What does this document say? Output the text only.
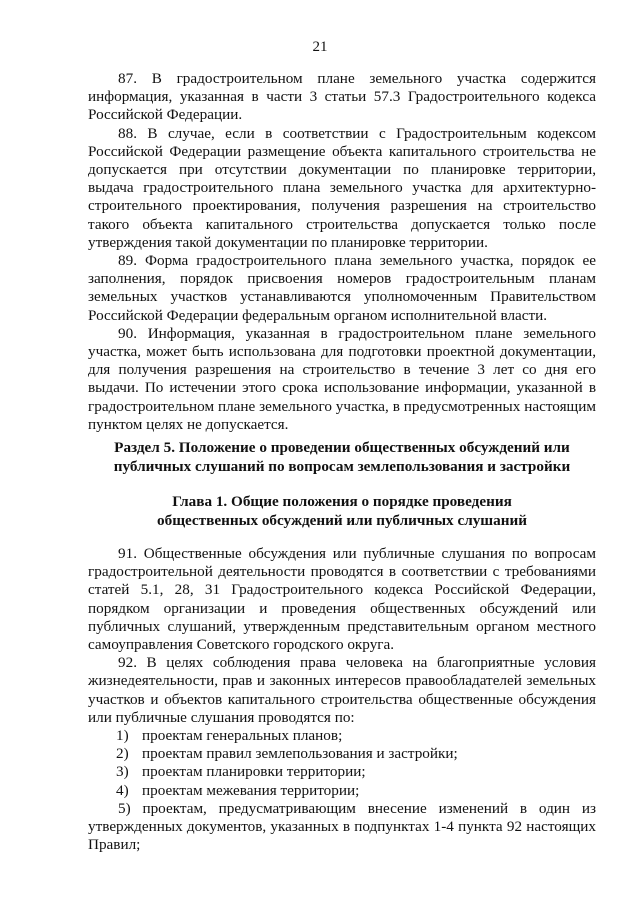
21

87. В градостроительном плане земельного участка содержится информация, указанная в части 3 статьи 57.3 Градостроительного кодекса Российской Федерации.

88. В случае, если в соответствии с Градостроительным кодексом Российской Федерации размещение объекта капитального строительства не допускается при отсутствии документации по планировке территории, выдача градостроительного плана земельного участка для архитектурно-строительного проектирования, получения разрешения на строительство такого объекта капитального строительства допускается только после утверждения такой документации по планировке территории.

89. Форма градостроительного плана земельного участка, порядок ее заполнения, порядок присвоения номеров градостроительным планам земельных участков устанавливаются уполномоченным Правительством Российской Федерации федеральным органом исполнительной власти.

90. Информация, указанная в градостроительном плане земельного участка, может быть использована для подготовки проектной документации, для получения разрешения на строительство в течение 3 лет со дня его выдачи. По истечении этого срока использование информации, указанной в градостроительном плане земельного участка, в предусмотренных настоящим пунктом целях не допускается.

Раздел 5. Положение о проведении общественных обсуждений или

публичных слушаний по вопросам землепользования и застройки

Глава 1. Общие положения о порядке проведения

общественных обсуждений или публичных слушаний

91. Общественные обсуждения или публичные слушания по вопросам градостроительной деятельности проводятся в соответствии с требованиями статей 5.1, 28, 31 Градостроительного кодекса Российской Федерации, порядком организации и проведения общественных обсуждений или публичных слушаний, утвержденным представительным органом местного самоуправления Советского городского округа.

92. В целях соблюдения права человека на благоприятные условия жизнедеятельности, прав и законных интересов правообладателей земельных участков и объектов капитального строительства общественные обсуждения или публичные слушания проводятся по:

1) проектам генеральных планов;

2) проектам правил землепользования и застройки;

3) проектам планировки территории;

4) проектам межевания территории;

5) проектам, предусматривающим внесение изменений в один из утвержденных документов, указанных в подпунктах 1-4 пункта 92 настоящих Правил;
